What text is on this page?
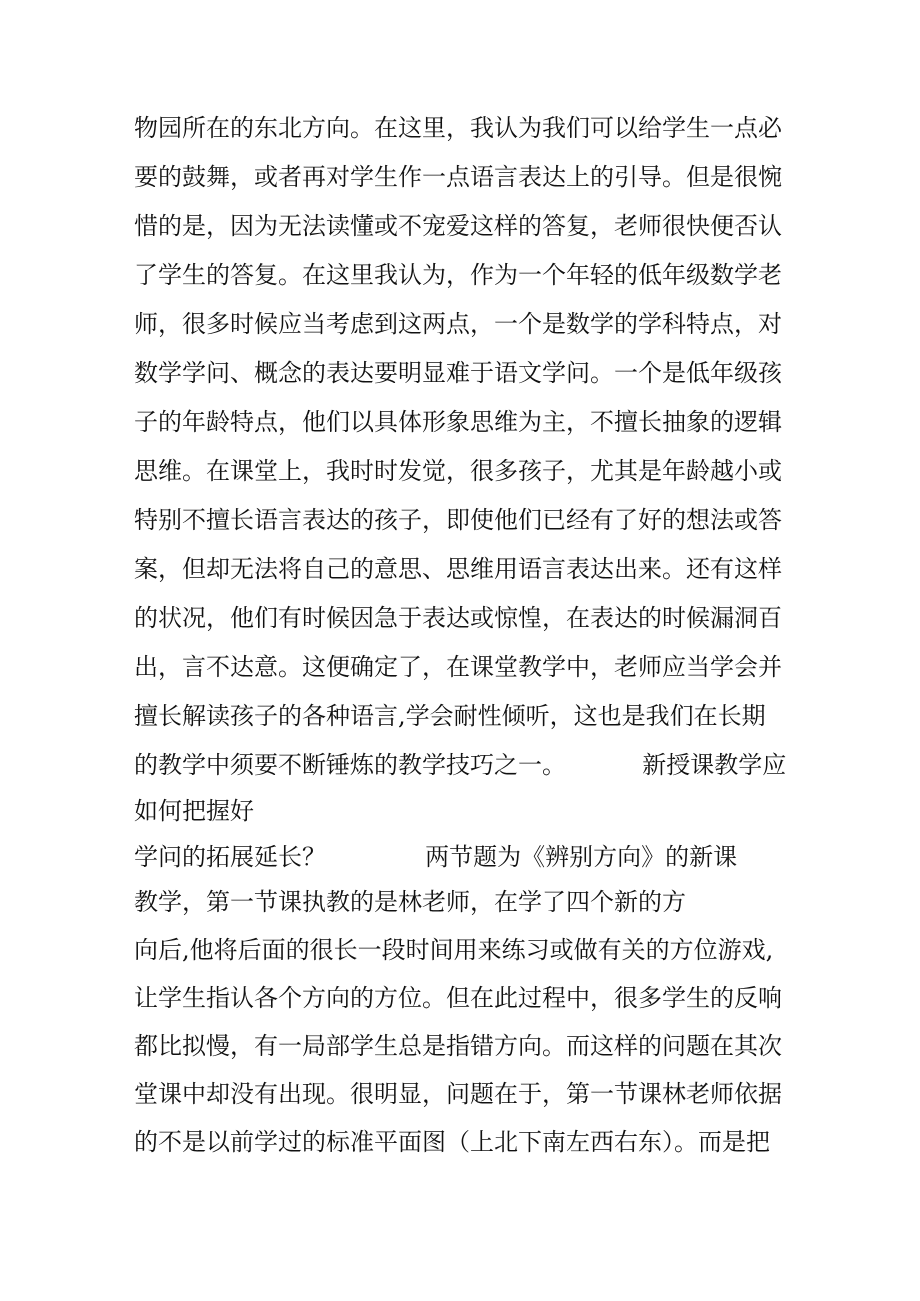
物园所在的东北方向。在这里，我认为我们可以给学生一点必

要的鼓舞，或者再对学生作一点语言表达上的引导。但是很惋

惜的是，因为无法读懂或不宠爱这样的答复，老师很快便否认

了学生的答复。在这里我认为，作为一个年轻的低年级数学老

师，很多时候应当考虑到这两点，一个是数学的学科特点，对

数学学问、概念的表达要明显难于语文学问。一个是低年级孩

子的年龄特点，他们以具体形象思维为主，不擅长抽象的逻辑

思维。在课堂上，我时时发觉，很多孩子，尤其是年龄越小或

特别不擅长语言表达的孩子，即使他们已经有了好的想法或答

案，但却无法将自己的意思、思维用语言表达出来。还有这样

的状况，他们有时候因急于表达或惊惶，在表达的时候漏洞百

出，言不达意。这便确定了，在课堂教学中，老师应当学会并

擅长解读孩子的各种语言,学会耐性倾听，这也是我们在长期

的教学中须要不断锤炼的教学技巧之一。          新授课教学应

如何把握好

学问的拓展延长？             两节题为《辨别方向》的新课

教学，第一节课执教的是林老师，在学了四个新的方

向后,他将后面的很长一段时间用来练习或做有关的方位游戏,

让学生指认各个方向的方位。但在此过程中，很多学生的反响

都比拟慢，有一局部学生总是指错方向。而这样的问题在其次

堂课中却没有出现。很明显，问题在于，第一节课林老师依据

的不是以前学过的标准平面图（上北下南左西右东）。而是把
